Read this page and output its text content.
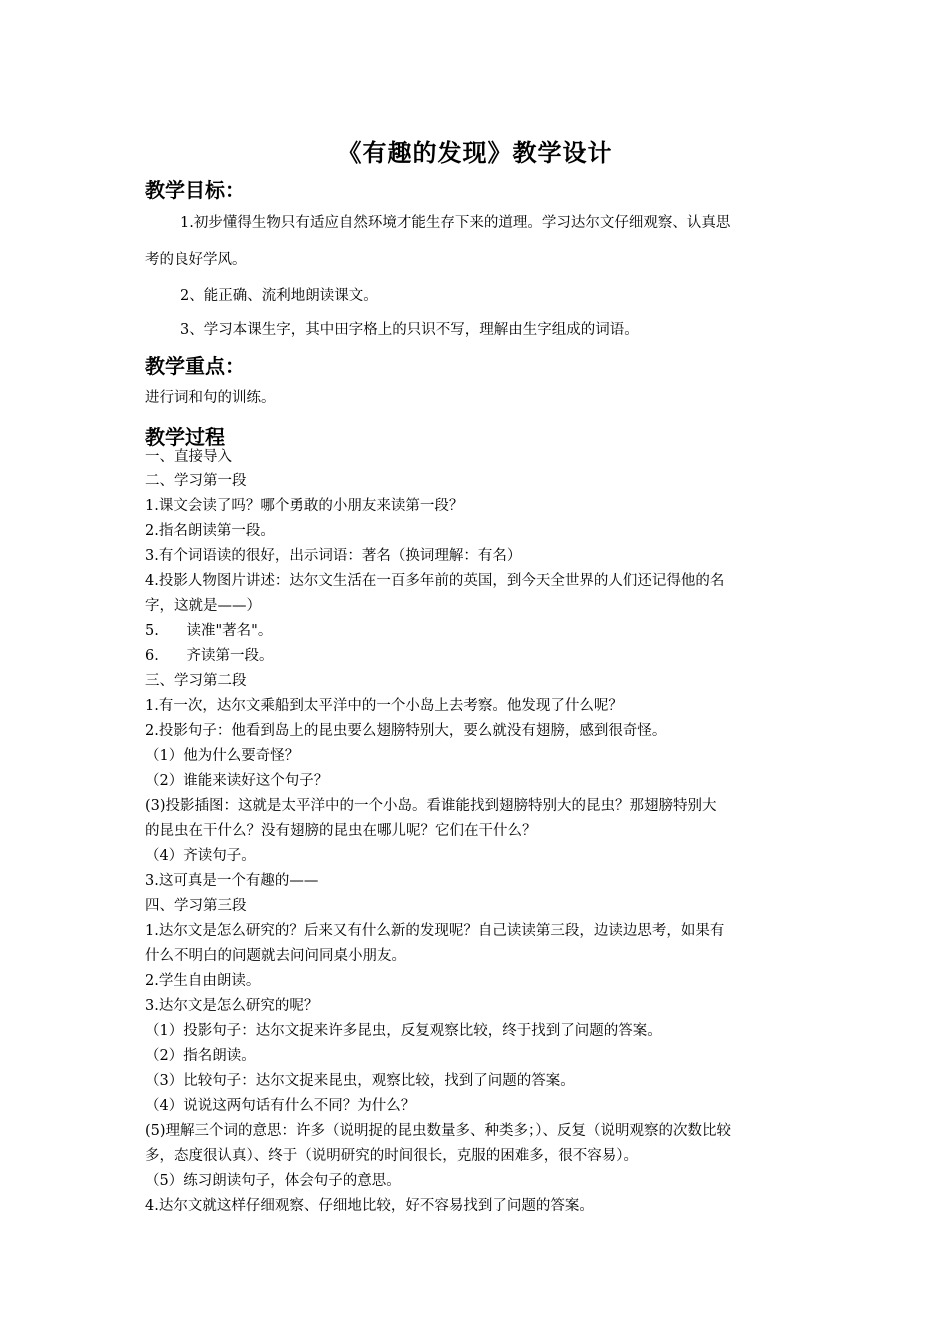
《有趣的发现》教学设计
教学目标：
1.初步懂得生物只有适应自然环境才能生存下来的道理。学习达尔文仔细观察、认真思
考的良好学风。
2、能正确、流利地朗读课文。
3、学习本课生字，其中田字格上的只识不写，理解由生字组成的词语。
教学重点：
进行词和句的训练。
教学过程
一、直接导入
二、学习第一段
1.课文会读了吗？哪个勇敢的小朋友来读第一段？
2.指名朗读第一段。
3.有个词语读的很好，出示词语：著名（换词理解：有名）
4.投影人物图片讲述：达尔文生活在一百多年前的英国，到今天全世界的人们还记得他的名
字，这就是——）
5.      读准"著名"。
6.      齐读第一段。
三、学习第二段
1.有一次，达尔文乘船到太平洋中的一个小岛上去考察。他发现了什么呢？
2.投影句子：他看到岛上的昆虫要么翅膀特别大，要么就没有翅膀，感到很奇怪。
（1）他为什么要奇怪？
（2）谁能来读好这个句子？
(3)投影插图：这就是太平洋中的一个小岛。看谁能找到翅膀特别大的昆虫？那翅膀特别大
的昆虫在干什么？没有翅膀的昆虫在哪儿呢？它们在干什么？
（4）齐读句子。
3.这可真是一个有趣的——
四、学习第三段
1.达尔文是怎么研究的？后来又有什么新的发现呢？自己读读第三段，边读边思考，如果有
什么不明白的问题就去问问同桌小朋友。
2.学生自由朗读。
3.达尔文是怎么研究的呢？
（1）投影句子：达尔文捉来许多昆虫，反复观察比较，终于找到了问题的答案。
（2）指名朗读。
（3）比较句子：达尔文捉来昆虫，观察比较，找到了问题的答案。
（4）说说这两句话有什么不同？为什么？
(5)理解三个词的意思：许多（说明捉的昆虫数量多、种类多；）、反复（说明观察的次数比较
多，态度很认真）、终于（说明研究的时间很长，克服的困难多，很不容易）。
（5）练习朗读句子，体会句子的意思。
4.达尔文就这样仔细观察、仔细地比较，好不容易找到了问题的答案。
